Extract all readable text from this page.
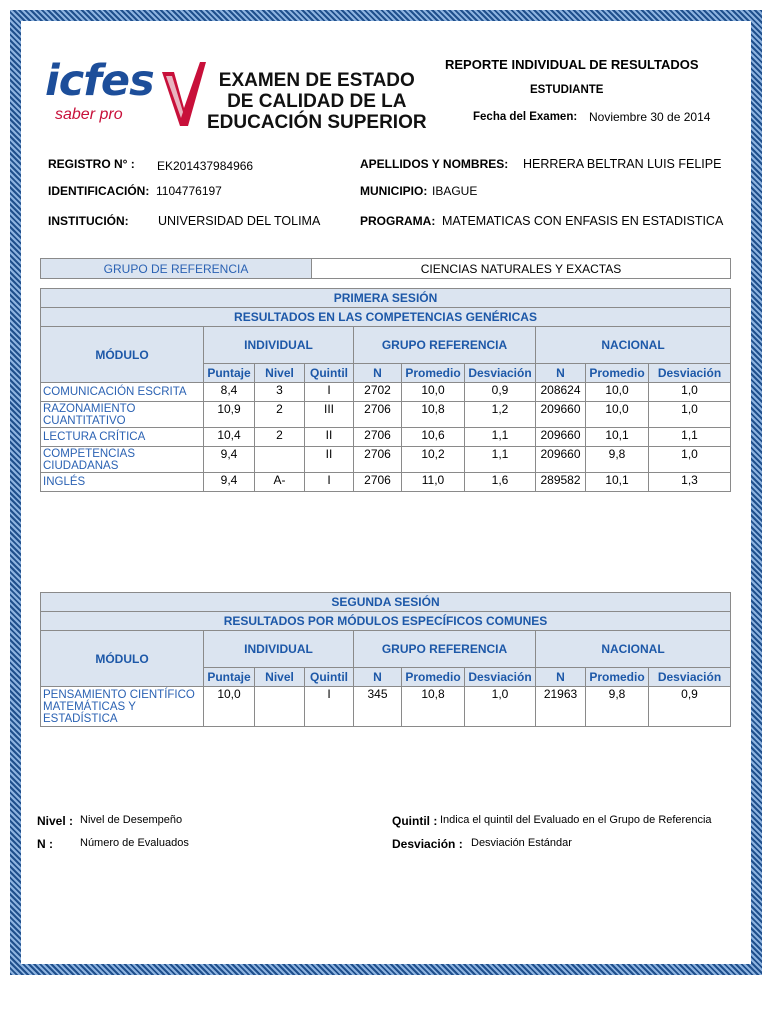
icfes
saber pro
EXAMEN DE ESTADO
DE CALIDAD DE LA
EDUCACIÓN SUPERIOR
REPORTE INDIVIDUAL DE RESULTADOS
ESTUDIANTE
Fecha del Examen: Noviembre 30 de 2014
REGISTRO N° : EK201437984966	APELLIDOS Y NOMBRES: HERRERA BELTRAN LUIS FELIPE
IDENTIFICACIÓN: 1104776197	MUNICIPIO: IBAGUE
INSTITUCIÓN: UNIVERSIDAD DEL TOLIMA	PROGRAMA: MATEMATICAS CON ENFASIS EN ESTADISTICA
GRUPO DE REFERENCIA	CIENCIAS NATURALES Y EXACTAS
PRIMERA SESIÓN									
RESULTADOS EN LAS COMPETENCIAS GENÉRICAS									
MÓDULO	INDIVIDUAL			GRUPO REFERENCIA			NACIONAL		
	Puntaje	Nivel	Quintil	N	Promedio	Desviación	N	Promedio	Desviación
COMUNICACIÓN ESCRITA	8,4	3	I	2702	10,0	0,9	208624	10,0	1,0
RAZONAMIENTO CUANTITATIVO	10,9	2	III	2706	10,8	1,2	209660	10,0	1,0
LECTURA CRÍTICA	10,4	2	II	2706	10,6	1,1	209660	10,1	1,1
COMPETENCIAS CIUDADANAS	9,4		II	2706	10,2	1,1	209660	9,8	1,0
INGLÉS	9,4	A-	I	2706	11,0	1,6	289582	10,1	1,3
SEGUNDA SESIÓN									
RESULTADOS POR MÓDULOS ESPECÍFICOS COMUNES									
MÓDULO	INDIVIDUAL			GRUPO REFERENCIA			NACIONAL		
	Puntaje	Nivel	Quintil	N	Promedio	Desviación	N	Promedio	Desviación
PENSAMIENTO CIENTÍFICO MATEMÁTICAS Y ESTADÍSTICA	10,0		I	345	10,8	1,0	21963	9,8	0,9
Nivel : Nivel de Desempeño
N : Número de Evaluados
Quintil : Indica el quintil del Evaluado en el Grupo de Referencia
Desviación : Desviación Estándar
